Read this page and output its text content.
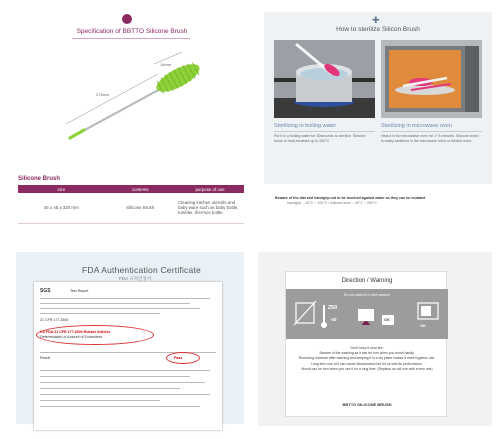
Specification of BBTTO Silicone Brush
275mm
16mm
Silicone Brush
size	contents	purpose of use
45 x 45 x 320 mm	Silicone Brush	Cleaning kitchen utensils and baby ware such as baby bottle, tumbler, thermos bottle
✚
How to sterilize Silicon Brush
Sterilizing in boiling water
Put it in a boiling water for 30seconds to sterilize. Silicone brush is heat-resistant up to 250°C
Sterilizing in microwave oven
Heat it in the microwave oven for 2~3 minutes. Silicone brush is easily sanitized in the microwave oven or electric oven.
Beware of the dial and handgrip not to be touched against water as they can be mutated
handgrip : -15°C ~ 100°C / silicone wool : -40°C ~ 250°C
FDA Authentication Certificate
FDA 규격인증서
SGS	Test Report
21 CFR 177.2600
US FDA 21 CFR 177.2600 Rubber Articles
Determination of Amount of Extractives
Result	Pass
Direction / Warning
Do not wash it in dish washer
250
-40	OK
OK
Don't keep it near fire.
Beware of the washing as it can be torn when you brush hardly.
Removing moisture after washing and keeping it in a dry place makes it more hygienic use.
Long term use of it can cause discoloration but it's ok with its performance.
Mould can be torn when you use it for a long time. (Replace an old one with a new one)
BBTTO SILICONE BRUSH
